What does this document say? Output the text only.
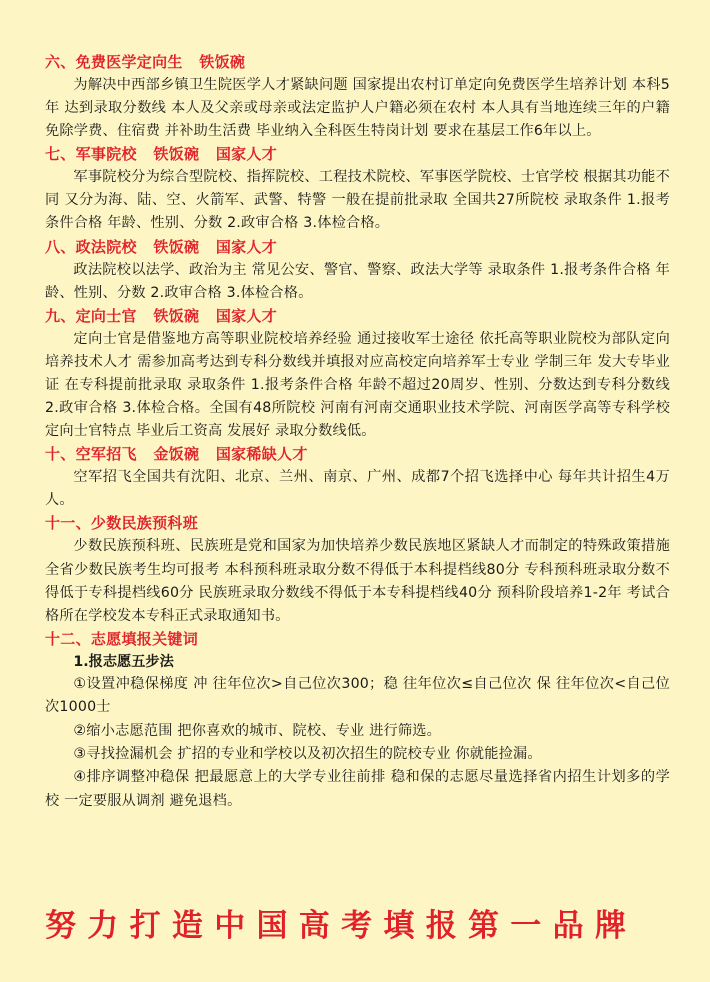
六、免费医学定向生   铁饭碗
为解决中西部乡镇卫生院医学人才紧缺问题 国家提出农村订单定向免费医学生培养计划 本科5年 达到录取分数线 本人及父亲或母亲或法定监护人户籍必须在农村 本人具有当地连续三年的户籍 免除学费、住宿费 并补助生活费 毕业纳入全科医生特岗计划 要求在基层工作6年以上。
七、军事院校   铁饭碗   国家人才
军事院校分为综合型院校、指挥院校、工程技术院校、军事医学院校、士官学校 根据其功能不同 又分为海、陆、空、火箭军、武警、特警 一般在提前批录取 全国共27所院校 录取条件 1.报考条件合格 年龄、性别、分数 2.政审合格 3.体检合格。
八、政法院校   铁饭碗   国家人才
政法院校以法学、政治为主 常见公安、警官、警察、政法大学等 录取条件 1.报考条件合格 年龄、性别、分数 2.政审合格 3.体检合格。
九、定向士官   铁饭碗   国家人才
定向士官是借鉴地方高等职业院校培养经验 通过接收军士途径 依托高等职业院校为部队定向培养技术人才 需参加高考达到专科分数线并填报对应高校定向培养军士专业 学制三年 发大专毕业证 在专科提前批录取 录取条件 1.报考条件合格 年龄不超过20周岁、性别、分数达到专科分数线 2.政审合格 3.体检合格。全国有48所院校 河南有河南交通职业技术学院、河南医学高等专科学校 定向士官特点 毕业后工资高 发展好 录取分数线低。
十、空军招飞   金饭碗   国家稀缺人才
空军招飞全国共有沈阳、北京、兰州、南京、广州、成都7个招飞选择中心 每年共计招生4万人。
十一、少数民族预科班
少数民族预科班、民族班是党和国家为加快培养少数民族地区紧缺人才而制定的特殊政策措施 全省少数民族考生均可报考 本科预科班录取分数不得低于本科提档线80分 专科预科班录取分数不得低于专科提档线60分 民族班录取分数线不得低于本专科提档线40分 预科阶段培养1-2年 考试合格所在学校发本专科正式录取通知书。
十二、志愿填报关键词
1.报志愿五步法
①设置冲稳保梯度 冲 往年位次>自己位次300；稳 往年位次≤自己位次 保 往年位次<自己位次1000士
②缩小志愿范围 把你喜欢的城市、院校、专业 进行筛选。
③寻找捡漏机会 扩招的专业和学校以及初次招生的院校专业 你就能捡漏。
④排序调整冲稳保 把最愿意上的大学专业往前排 稳和保的志愿尽量选择省内招生计划多的学校 一定要服从调剂 避免退档。
努力打造中国高考填报第一品牌
